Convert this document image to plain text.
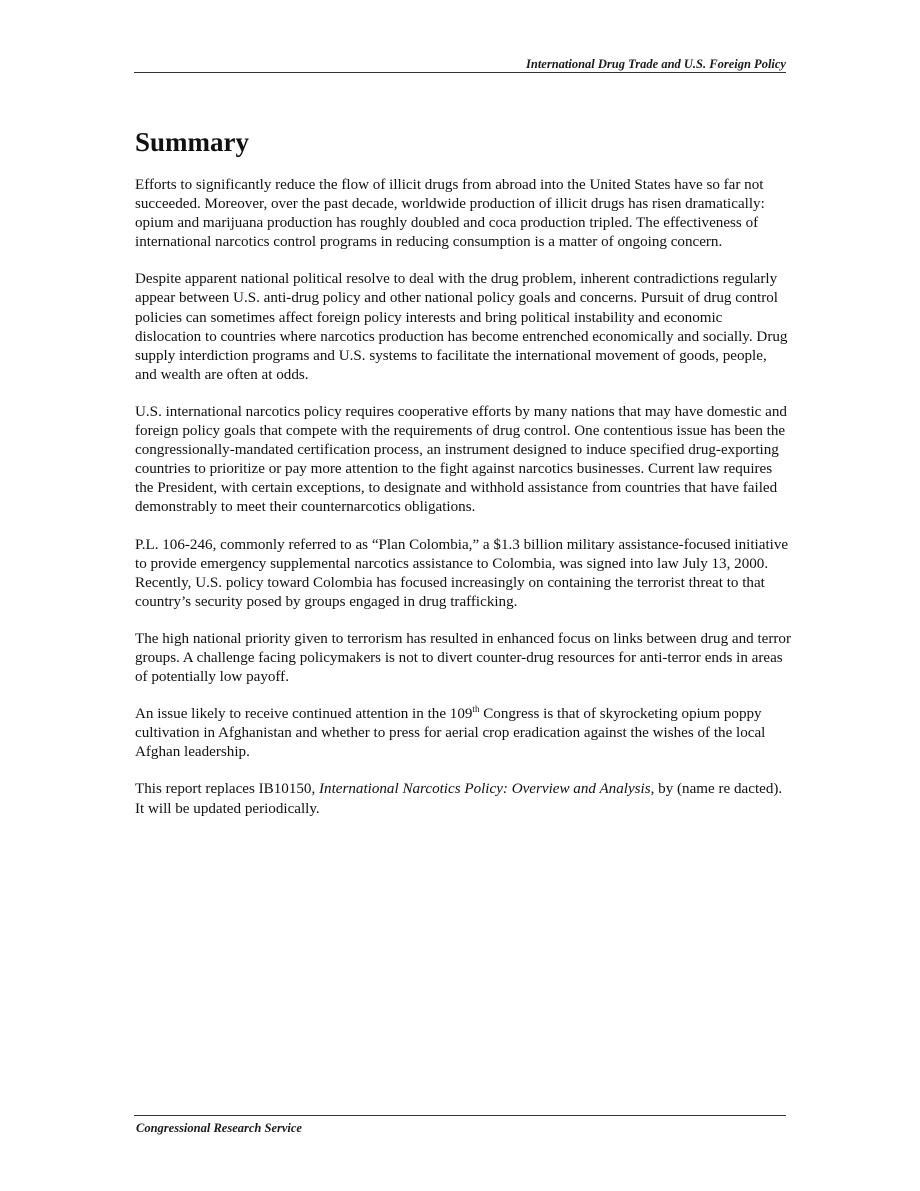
International Drug Trade and U.S. Foreign Policy
Summary

Efforts to significantly reduce the flow of illicit drugs from abroad into the United States have so far not succeeded. Moreover, over the past decade, worldwide production of illicit drugs has risen dramatically: opium and marijuana production has roughly doubled and coca production tripled. The effectiveness of international narcotics control programs in reducing consumption is a matter of ongoing concern.

Despite apparent national political resolve to deal with the drug problem, inherent contradictions regularly appear between U.S. anti-drug policy and other national policy goals and concerns. Pursuit of drug control policies can sometimes affect foreign policy interests and bring political instability and economic dislocation to countries where narcotics production has become entrenched economically and socially. Drug supply interdiction programs and U.S. systems to facilitate the international movement of goods, people, and wealth are often at odds.

U.S. international narcotics policy requires cooperative efforts by many nations that may have domestic and foreign policy goals that compete with the requirements of drug control. One contentious issue has been the congressionally-mandated certification process, an instrument designed to induce specified drug-exporting countries to prioritize or pay more attention to the fight against narcotics businesses. Current law requires the President, with certain exceptions, to designate and withhold assistance from countries that have failed demonstrably to meet their counternarcotics obligations.

P.L. 106-246, commonly referred to as “Plan Colombia,” a $1.3 billion military assistance-focused initiative to provide emergency supplemental narcotics assistance to Colombia, was signed into law July 13, 2000. Recently, U.S. policy toward Colombia has focused increasingly on containing the terrorist threat to that country’s security posed by groups engaged in drug trafficking.

The high national priority given to terrorism has resulted in enhanced focus on links between drug and terror groups. A challenge facing policymakers is not to divert counter-drug resources for anti-terror ends in areas of potentially low payoff.

An issue likely to receive continued attention in the 109th Congress is that of skyrocketing opium poppy cultivation in Afghanistan and whether to press for aerial crop eradication against the wishes of the local Afghan leadership.

This report replaces IB10150, International Narcotics Policy: Overview and Analysis, by (name re dacted). It will be updated periodically.

Congressional Research Service
